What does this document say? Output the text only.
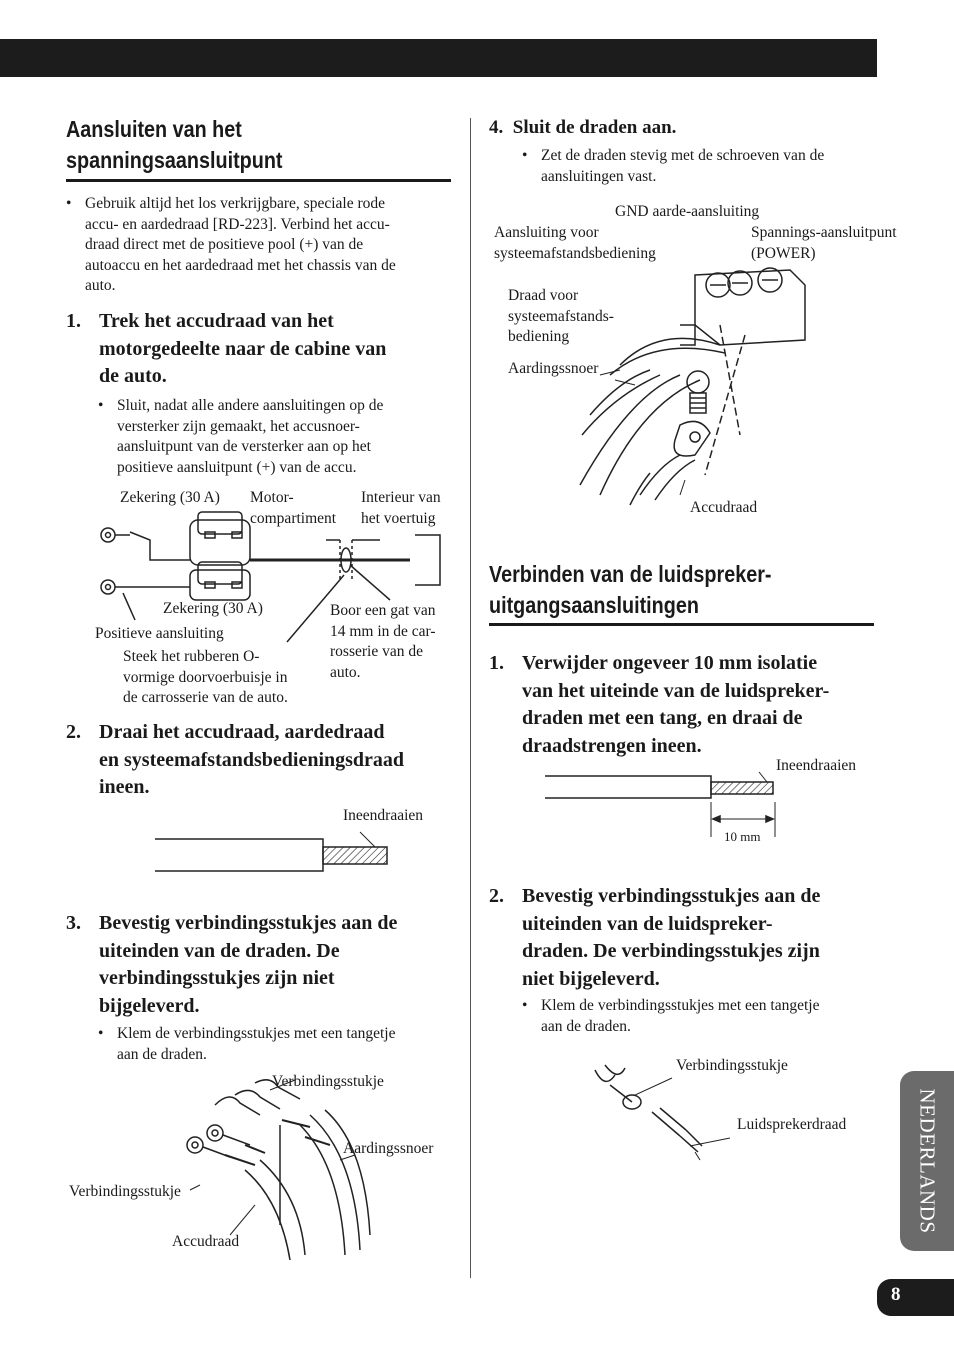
Aansluiten van het
spanningsaansluitpunt
• Gebruik altijd het los verkrijgbare, speciale rode
accu- en aardedraad [RD-223]. Verbind het accu-
draad direct met de positieve pool (+) van de
autoaccu en het aardedraad met het chassis van de
auto.
1. Trek het accudraad van het
motorgedeelte naar de cabine van
de auto.
• Sluit, nadat alle andere aansluitingen op de
versterker zijn gemaakt, het accusnoer-
aansluitpunt van de versterker aan op het
positieve aansluitpunt (+) van de accu.
Zekering (30 A) Motor-
compartiment
Interieur van
het voertuig
Zekering (30 A)	Boor een gat van
14 mm in de car-
rosserie van de
auto.
Positieve aansluiting
Steek het rubberen O-
vormige doorvoerbuisje in
de carrosserie van de auto.
2. Draai het accudraad, aardedraad
en systeemafstandsbedieningsdraad
ineen.
Ineendraaien
3. Bevestig verbindingsstukjes aan de
uiteinden van de draden. De
verbindingsstukjes zijn niet
bijgeleverd.
• Klem de verbindingsstukjes met een tangetje
aan de draden.
Verbindingsstukje
Aardingssnoer
Verbindingsstukje
Accudraad
4.  Sluit de draden aan.
• Zet de draden stevig met de schroeven van de
aansluitingen vast.
GND aarde-aansluiting
Aansluiting voor
systeemafstandsbediening
Spannings-aansluitpunt
(POWER)
Draad voor
systeemafstands-
bediening
Aardingssnoer
Accudraad
Verbinden van de luidspreker-
uitgangsaansluitingen
1. Verwijder ongeveer 10 mm isolatie
van het uiteinde van de luidspreker-
draden met een tang, en draai de
draadstrengen ineen.
Ineendraaien
10 mm
2. Bevestig verbindingsstukjes aan de
uiteinden van de luidspreker-
draden. De verbindingsstukjes zijn
niet bijgeleverd.
• Klem de verbindingsstukjes met een tangetje
aan de draden.
Verbindingsstukje
Luidsprekerdraad	NEDERLANDS
8
